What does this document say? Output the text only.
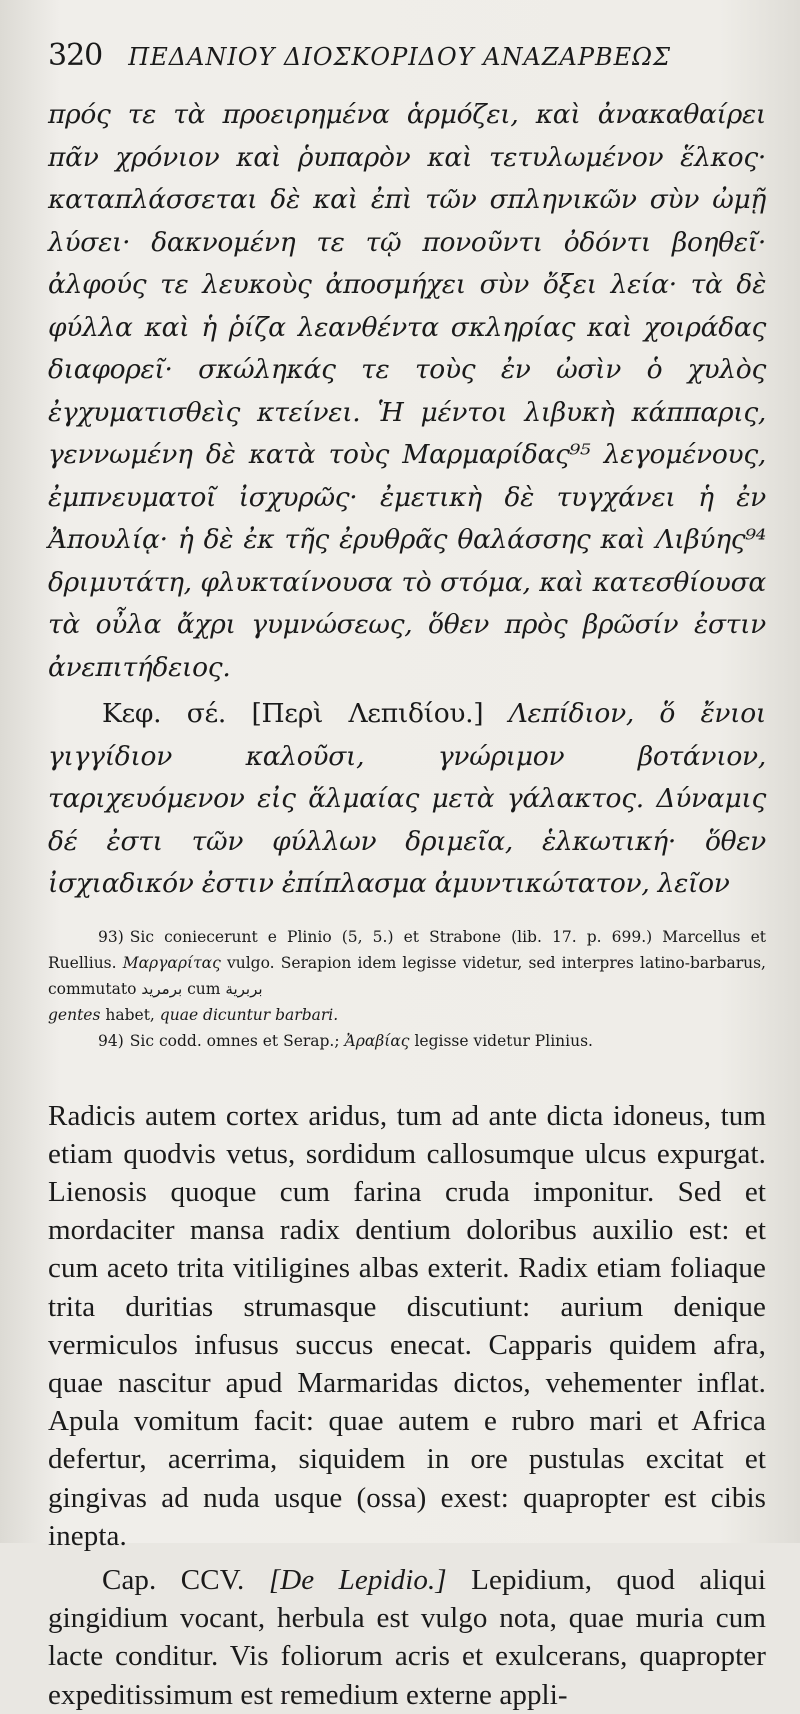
320 ΠΕΔΑΝΙΟΥ ΔΙΟΣΚΟΡΙΔΟΥ ΑΝΑΖΑΡΒΕΩΣ
πρός τε τὰ προειρημένα ἁρμόζει, καὶ ἀνακαθαίρει πᾶν χρόνιον καὶ ῥυπαρὸν καὶ τετυλωμένον ἕλκος· καταπλάσσεται δὲ καὶ ἐπὶ τῶν σπληνικῶν σὺν ὠμῇ λύσει· δακνομένη τε τῷ πονοῦντι ὀδόντι βοηθεῖ· ἀλφούς τε λευκοὺς ἀποσμήχει σὺν ὄξει λεία· τὰ δὲ φύλλα καὶ ἡ ῥίζα λεανθέντα σκληρίας καὶ χοιράδας διαφορεῖ· σκώληκάς τε τοὺς ἐν ὠσὶν ὁ χυλὸς ἐγχυματισθεὶς κτείνει. Ἡ μέντοι λιβυκὴ κάππαρις, γεννωμένη δὲ κατὰ τοὺς Μαρμαρίδας⁹⁵ λεγομένους, ἐμπνευματοῖ ἰσχυρῶς· ἐμετικὴ δὲ τυγχάνει ἡ ἐν Ἀπουλίᾳ· ἡ δὲ ἐκ τῆς ἐρυθρᾶς θαλάσσης καὶ Λιβύης⁹⁴ δριμυτάτη, φλυκταίνουσα τὸ στόμα, καὶ κατεσθίουσα τὰ οὖλα ἄχρι γυμνώσεως, ὅθεν πρὸς βρῶσίν ἐστιν ἀνεπιτήδειος.
Κεφ. σέ. [Περὶ Λεπιδίου.] Λεπίδιον, ὅ ἔνιοι γιγγίδιον καλοῦσι, γνώριμον βοτάνιον, ταριχευόμενον εἰς ἅλμαίας μετὰ γάλακτος. Δύναμις δέ ἐστι τῶν φύλλων δριμεῖα, ἑλκωτική· ὅθεν ἰσχιαδικόν ἐστιν ἐπίπλασμα ἀμυντικώτατον, λεῖον
93) Sic coniecerunt e Plinio (5, 5.) et Strabone (lib. 17. p. 699.) Marcellus et Ruellius. Μαργαρίτας vulgo. Serapion idem legisse videtur, sed interpres latino-barbarus, commutato ﺑﺮﻣﺮﻳﺪ cum ﺑﺮﺑﺮﻳﺔ
gentes habet, quae dicuntur barbari.
94) Sic codd. omnes et Serap.; Ἀραβίας legisse videtur Plinius.
Radicis autem cortex aridus, tum ad ante dicta idoneus, tum etiam quodvis vetus, sordidum callosumque ulcus expurgat. Lienosis quoque cum farina cruda imponitur. Sed et mordaciter mansa radix dentium doloribus auxilio est: et cum aceto trita vitiligines albas exterit. Radix etiam foliaque trita duritias strumasque discutiunt: aurium denique vermiculos infusus succus enecat. Capparis quidem afra, quae nascitur apud Marmaridas dictos, vehementer inflat. Apula vomitum facit: quae autem e rubro mari et Africa defertur, acerrima, siquidem in ore pustulas excitat et gingivas ad nuda usque (ossa) exest: quapropter est cibis inepta.
Cap. CCV. [De Lepidio.] Lepidium, quod aliqui gingidium vocant, herbula est vulgo nota, quae muria cum lacte conditur. Vis foliorum acris et exulcerans, quapropter expeditissimum est remedium externe appli-
